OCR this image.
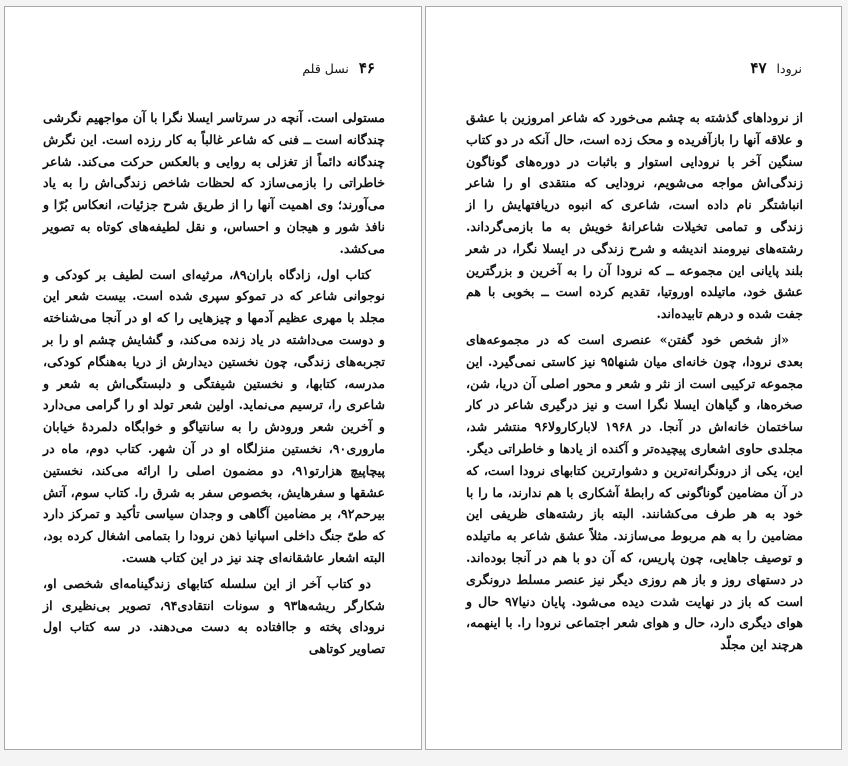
۴۶
نسل قلم

مستولی است. آنچه در سرتاسر ایسلا نگرا با آن مواجهیم نگرشی چندگانه است ــ فنی که شاعر غالباً به کار رزده است. این نگرش چندگانه دائماً از تغزلی به روایی و بالعکس حرکت می‌کند. شاعر خاطراتی را بازمی‌سازد که لحظات شاخص زندگی‌اش را به یاد می‌آورند؛ وی اهمیت آنها را از طریق شرح جزئیات، انعکاس بُرّا و نافذ شور و هیجان و احساس، و نقل لطیفه‌های کوتاه به تصویر می‌کشد.

کتاب اول، زادگاه باران۸۹، مرثیه‌ای است لطیف بر کودکی و نوجوانی شاعر که در تموکو سپری شده است. بیست شعر این مجلد با مهری عظیم آدمها و چیزهایی را که او در آنجا می‌شناخته و دوست می‌داشته در یاد زنده می‌کند، و گشایش چشم او را بر تجربه‌های زندگی، چون نخستین دیدارش از دریا به‌هنگام کودکی، مدرسه، کتابها، و نخستین شیفتگی و دلبستگی‌اش به شعر و شاعری را، ترسیم می‌نماید. اولین شعر تولد او را گرامی می‌دارد و آخرین شعر ورودش را به سانتیاگو و خوابگاه دلمردهٔ خیابان ماروری۹۰، نخستین منزلگاه او در آن شهر. کتاب دوم، ماه در پیچاپیچ هزارتو۹۱، دو مضمون اصلی را ارائه می‌کند، نخستین عشقها و سفرهایش، بخصوص سفر به شرق را. کتاب سوم، آتش بیرحم۹۲، بر مضامین آگاهی و وجدان سیاسی تأکید و تمرکز دارد که طیّ جنگ داخلی اسپانیا ذهن نرودا را بتمامی اشغال کرده بود، البته اشعار عاشقانه‌ای چند نیز در این کتاب هست.

دو کتاب آخر از این سلسله کتابهای زندگینامه‌ای شخصی او، شکارگر ریشه‌ها۹۳ و سونات انتقادی۹۴، تصویر بی‌نظیری از نرودای پخته و جاافتاده به دست می‌دهند. در سه کتاب اول تصاویر کوتاهی

۴۷ نرودا

از نروداهای گذشته به چشم می‌خورد که شاعر امروزین با عشق و علاقه آنها را بازآفریده و محک زده است، حال آنکه در دو کتاب سنگین آخر با نرودایی استوار و باثبات در دوره‌های گوناگون زندگی‌اش مواجه می‌شویم، نرودایی که منتقدی او را شاعر انباشتگر نام داده است، شاعری که انبوه دریافتهایش را از زندگی و تمامی تخیلات شاعرانهٔ خویش به ما بازمی‌گرداند. رشته‌های نیرومند اندیشه و شرح زندگی در ایسلا نگرا، در شعر بلند پایانی این مجموعه ــ که نرودا آن را به آخرین و بزرگترین عشق خود، ماتیلده اوروتیا، تقدیم کرده است ــ بخوبی با هم جفت شده و درهم تابیده‌اند.

«از شخص خود گفتن» عنصری است که در مجموعه‌های بعدی نرودا، چون خانه‌ای میان شنها۹۵ نیز کاستی نمی‌گیرد. این مجموعه ترکیبی است از نثر و شعر و محور اصلی آن دریا، شن، صخره‌ها، و گیاهان ایسلا نگرا است و نیز درگیری شاعر در کار ساختمان خانه‌اش در آنجا. در ۱۹۶۸ لاباركارولا۹۶ منتشر شد، مجلدی حاوی اشعاری پیچیده‌تر و آکنده از یادها و خاطراتی دیگر. این، یکی از درونگرانه‌ترین و دشوارترین کتابهای نرودا است، که در آن مضامین گوناگونی که رابطهٔ آشکاری با هم ندارند، ما را با خود به هر طرف می‌کشانند. البته باز رشته‌های ظریفی این مضامین را به هم مربوط می‌سازند. مثلاً عشق شاعر به ماتیلده و توصیف جاهایی، چون پاریس، که آن دو با هم در آنجا بوده‌اند. در دستهای روز و باز هم روزی دیگر نیز عنصر مسلط درونگری است که باز در نهایت شدت دیده می‌شود. پایان دنیا۹۷ حال و هوای دیگری دارد، حال و هوای شعر اجتماعی نرودا را. با اینهمه، هرچند این مجلّد
